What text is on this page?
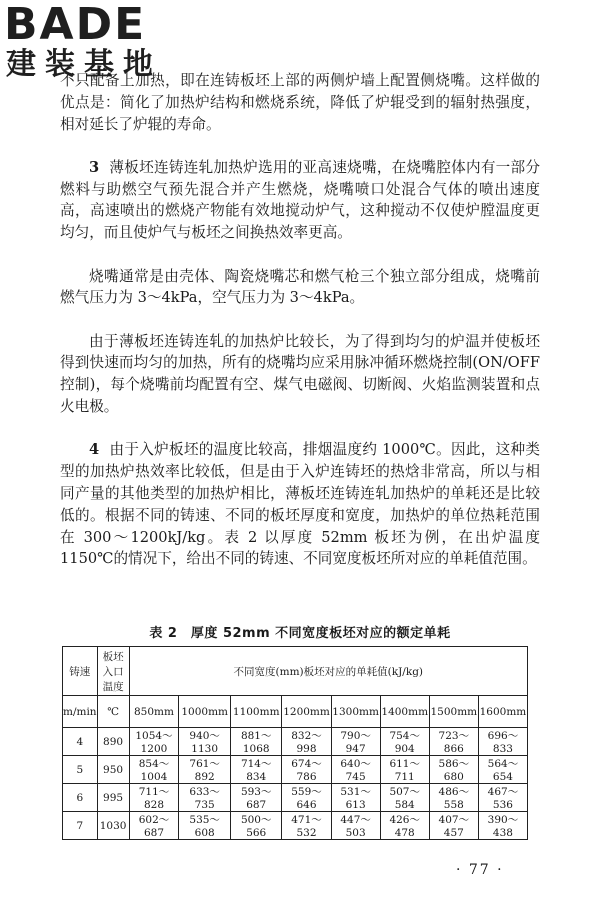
BADE
建装基地

不只配备上加热，即在连铸板坯上部的两侧炉墙上配置侧烧嘴。这样做的优点是：简化了加热炉结构和燃烧系统，降低了炉辊受到的辐射热强度，相对延长了炉辊的寿命。

3 薄板坯连铸连轧加热炉选用的亚高速烧嘴，在烧嘴腔体内有一部分燃料与助燃空气预先混合并产生燃烧，烧嘴喷口处混合气体的喷出速度高，高速喷出的燃烧产物能有效地搅动炉气，这种搅动不仅使炉膛温度更均匀，而且使炉气与板坯之间换热效率更高。

烧嘴通常是由壳体、陶瓷烧嘴芯和燃气枪三个独立部分组成，烧嘴前燃气压力为 3～4kPa，空气压力为 3～4kPa。

由于薄板坯连铸连轧的加热炉比较长，为了得到均匀的炉温并使板坯得到快速而均匀的加热，所有的烧嘴均应采用脉冲循环燃烧控制(ON/OFF 控制)，每个烧嘴前均配置有空、煤气电磁阀、切断阀、火焰监测装置和点火电极。

4 由于入炉板坯的温度比较高，排烟温度约 1000℃。因此，这种类型的加热炉热效率比较低，但是由于入炉连铸坯的热焓非常高，所以与相同产量的其他类型的加热炉相比，薄板坯连铸连轧加热炉的单耗还是比较低的。根据不同的铸速、不同的板坯厚度和宽度，加热炉的单位热耗范围在 300～1200kJ/kg。表 2 以厚度 52mm 板坯为例，在出炉温度 1150℃的情况下，给出不同的铸速、不同宽度板坯所对应的单耗值范围。

表 2　厚度 52mm 不同宽度板坯对应的额定单耗
铸速	板坯入口温度	不同宽度(mm)板坯对应的单耗值(kJ/kg)							
m/min	℃	850mm	1000mm	1100mm	1200mm	1300mm	1400mm	1500mm	1600mm
4	890	1054～1200	940～1130	881～1068	832～998	790～947	754～904	723～866	696～833
5	950	854～1004	761～892	714～834	674～786	640～745	611～711	586～680	564～654
6	995	711～828	633～735	593～687	559～646	531～613	507～584	486～558	467～536
7	1030	602～687	535～608	500～566	471～532	447～503	426～478	407～457	390～438
· 77 ·
